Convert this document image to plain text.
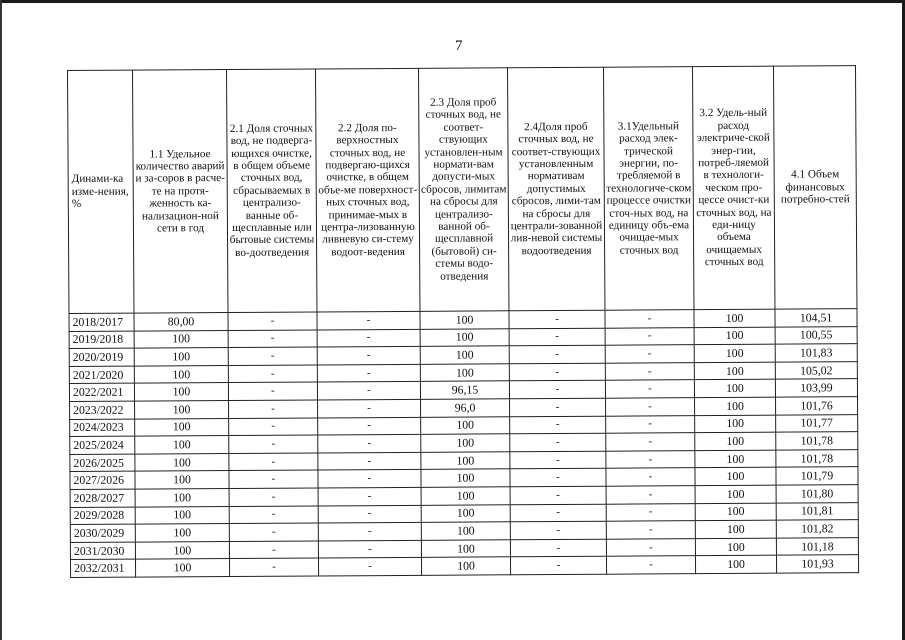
7
Динами-ка изме-нения, %	1.1 Удельное количество аварий и за-соров в расче-те на протя-женность ка-нализацион-ной сети в год	2.1 Доля сточных вод, не подверга-ющихся очистке, в общем объеме сточных вод, сбрасываемых в централизо-ванные об-щесплавные или бытовые системы во-доотведения	2.2 Доля по-верхностных сточных вод, не подвергаю-щихся очистке, в общем объе-ме поверхност-ных сточных вод, принимае-мых в центра-лизованную ливневую си-стему водоот-ведения	2.3 Доля проб сточных вод, не соответ-ствующих установлен-ным нормати-вам допусти-мых сбросов, лимитам на сбросы для централизо-ванной об-щесплавной (бытовой) си-стемы водо-отведения	2.4Доля проб сточных вод, не соответ-ствующих установленным нормативам допустимых сбросов, лими-там на сбросы для централи-зованной лив-невой системы водоотведения	3.1Удельный расход элек-трической энергии, по-требляемой в технологиче-ском процессе очистки сточ-ных вод, на единицу объ-ема очищае-мых сточных вод	3.2 Удель-ный расход электриче-ской энер-гии, потреб-ляемой в технологи-ческом про-цессе очист-ки сточных вод, на еди-ницу объема очищаемых сточных вод	4.1 Объем финансовых потребно-стей
2018/2017	80,00	-	-	100	-	-	100	104,51
2019/2018	100	-	-	100	-	-	100	100,55
2020/2019	100	-	-	100	-	-	100	101,83
2021/2020	100	-	-	100	-	-	100	105,02
2022/2021	100	-	-	96,15	-	-	100	103,99
2023/2022	100	-	-	96,0	-	-	100	101,76
2024/2023	100	-	-	100	-	-	100	101,77
2025/2024	100	-	-	100	-	-	100	101,78
2026/2025	100	-	-	100	-	-	100	101,78
2027/2026	100	-	-	100	-	-	100	101,79
2028/2027	100	-	-	100	-	-	100	101,80
2029/2028	100	-	-	100	-	-	100	101,81
2030/2029	100	-	-	100	-	-	100	101,82
2031/2030	100	-	-	100	-	-	100	101,18
2032/2031	100	-	-	100	-	-	100	101,93
